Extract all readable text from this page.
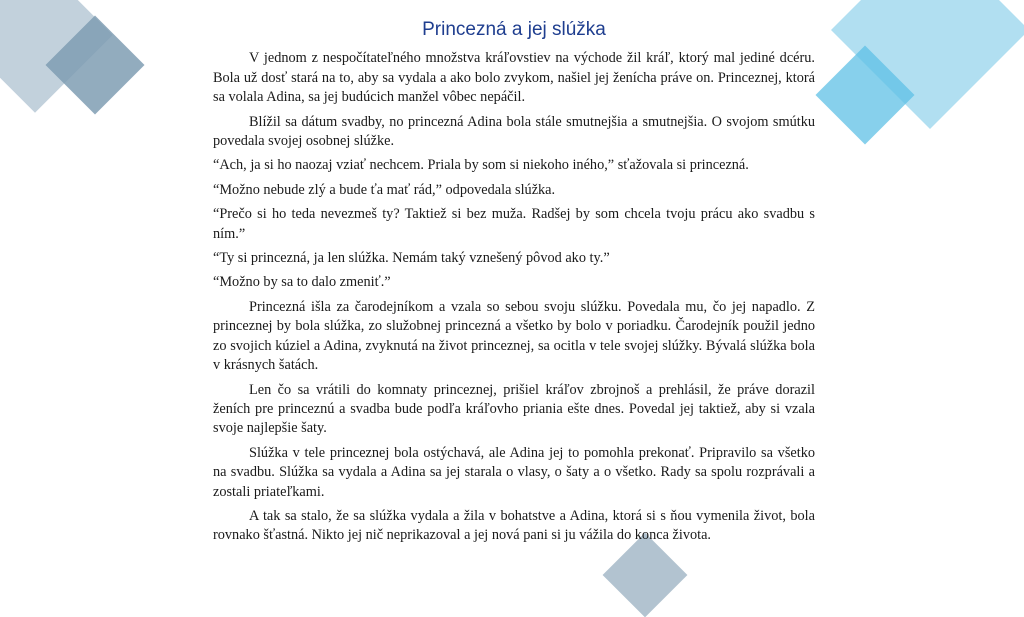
Princezná a jej slúžka

V jednom z nespočítateľného množstva kráľovstiev na východe žil kráľ, ktorý mal jediné dcéru. Bola už dosť stará na to, aby sa vydala a ako bolo zvykom, našiel jej ženícha práve on. Princeznej, ktorá sa volala Adina, sa jej budúcich manžel vôbec nepáčil.

Blížil sa dátum svadby, no princezná Adina bola stále smutnejšia a smutnejšia. O svojom smútku povedala svojej osobnej slúžke.

“Ach, ja si ho naozaj vziať nechcem. Priala by som si niekoho iného,” sťažovala si princezná.

“Možno nebude zlý a bude ťa mať rád,” odpovedala slúžka.

“Prečo si ho teda nevezmeš ty? Taktiež si bez muža. Radšej by som chcela tvoju prácu ako svadbu s ním.”

“Ty si princezná, ja len slúžka. Nemám taký vznešený pôvod ako ty.”

“Možno by sa to dalo zmeniť.”

Princezná išla za čarodejníkom a vzala so sebou svoju slúžku. Povedala mu, čo jej napadlo. Z princeznej by bola slúžka, zo služobnej princezná a všetko by bolo v poriadku. Čarodejník použil jedno zo svojich kúziel a Adina, zvyknutá na život princeznej, sa ocitla v tele svojej slúžky. Bývalá slúžka bola v krásnych šatách.

Len čo sa vrátili do komnaty princeznej, prišiel kráľov zbrojnoš a prehlásil, že práve dorazil ženích pre princeznú a svadba bude podľa kráľovho priania ešte dnes. Povedal jej taktiež, aby si vzala svoje najlepšie šaty.

Slúžka v tele princeznej bola ostýchavá, ale Adina jej to pomohla prekonať. Pripravilo sa všetko na svadbu. Slúžka sa vydala a Adina sa jej starala o vlasy, o šaty a o všetko. Rady sa spolu rozprávali a zostali priateľkami.

A tak sa stalo, že sa slúžka vydala a žila v bohatstve a Adina, ktorá si s ňou vymenila život, bola rovnako šťastná. Nikto jej nič neprikazoval a jej nová pani si ju vážila do konca života.
